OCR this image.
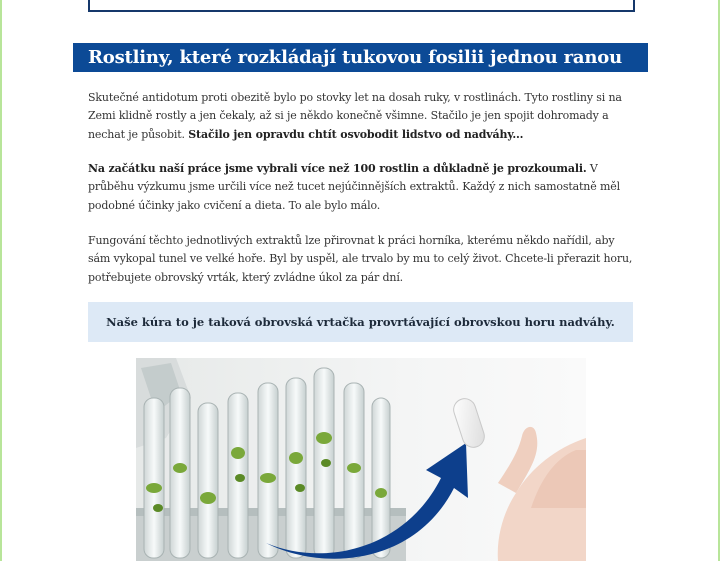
Rostliny, které rozkládají tukovou fosilii jednou ranou
Skutečné antidotum proti obezitě bylo po stovky let na dosah ruky, v rostlinách. Tyto rostliny si na Zemi klidně rostly a jen čekaly, až si je někdo konečně všimne. Stačilo je jen spojit dohromady a nechat je působit. Stačilo jen opravdu chtít osvobodit lidstvo od nadváhy...
Na začátku naší práce jsme vybrali více než 100 rostlin a důkladně je prozkoumali. V průběhu výzkumu jsme určili více než tucet nejúčinnějších extraktů. Každý z nich samostatně měl podobné účinky jako cvičení a dieta. To ale bylo málo.
Fungování těchto jednotlivých extraktů lze přirovnat k práci horníka, kterému někdo nařídil, aby sám vykopal tunel ve velké hoře. Byl by uspěl, ale trvalo by mu to celý život. Chcete-li přerazit horu, potřebujete obrovský vrták, který zvládne úkol za pár dní.
Naše kúra to je taková obrovská vrtačka provrtávající obrovskou horu nadváhy.
